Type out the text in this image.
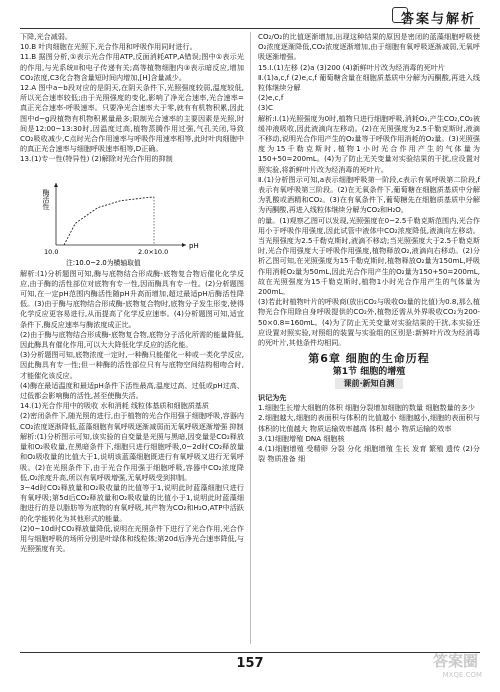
答案与解析

下降,光合减弱。

10.B 叶肉细胞在光照下,光合作用和呼吸作用同时进行。

11.B 据图分析,①表示光合作用ATP,反面消耗ATP,A错误;图中①表示光的作用,与光系统II和电子传递有关;高等植物细胞内③表示暗反应,增加CO₂浓度,C3化合物含量短时间内增加,[H]含量减少。

12.A 图中a~b段对应的是阴天,在阴天条件下,光照强度较弱,温度较低,所以光合速率较低;由于光照强度的变化,影响了净光合速率,光合速率=真正光合速率-呼吸速率。只要净光合速率大于零,就有有机物积累,因此图中d~g段植物有机物积累量最多;限制光合速率的主要因素是光照,时间是12:00~13:30时,因温度过高,植物蒸腾作用过强,气孔关闭,导致CO₂吸收减少,C点时光合作用速率与呼吸作用速率相等,此时叶肉细胞中的真正光合速率与细胞呼吸速率相等,D正确。

13.(1)专一性(特异性) (2)解除对光合作用的抑制

酶活性
pH
10.0	2.0×10.0
注:10.0~2.0为横轴取值

解析:(1)分析题图可知,酶与底物结合形成酶-底物复合物后催化化学反应,由于酶的活性部位对底物有专一性,因而酶具有专一性。(2)分析题图可知,在一定pH范围内酶活性随pH升高而增加,超过最适pH后酶活性降低。(3)由于酶与底物结合形成酶-底物复合物时,底物分子发生形变,使得化学反应更容易进行,从而提高了化学反应速率。(4)分析题图可知,适宜条件下,酶反应速率与酶浓度成正比。

(2)由于酶与底物结合形成酶-底物复合物,底物分子活化所需的能量降低,因此酶具有催化作用,可以大大降低化学反应的活化能。

(3)分析题图可知,底物浓度一定时,一种酶只能催化一种或一类化学反应,因此酶具有专一性;但一种酶的活性部位只有与底物空间结构相吻合时,才能催化该反应。

(4)酶在最适温度和最适pH条件下活性最高,温度过高、过低或pH过高、过低都会影响酶的活性,甚至使酶失活。

14.(1)光合作用中的吸收 水和消耗 线粒体基质和细胞质基质

(2)密闭条件下,随光照的进行,由于植物的光合作用强于细胞呼吸,容器内CO₂浓度逐渐降低,蓝藻细胞有氧呼吸逐渐减弱而无氧呼吸逐渐增强 抑制

解析:(1)分析图示可知,该实验的自变量是光照与黑暗,因变量是CO₂释放量和O₂吸收量,在黑暗条件下,细胞只进行细胞呼吸,0~2d时CO₂释放量和O₂吸收量的比值大于1,说明该蓝藻细胞既进行有氧呼吸又进行无氧呼吸。(2)在光照条件下,由于光合作用强于细胞呼吸,容器中CO₂浓度降低,O₂浓度升高,所以有氧呼吸增强,无氧呼吸受到抑制。

3~4d时CO₂释放量和O₂吸收量的比值等于1,说明此时蓝藻细胞只进行有氧呼吸;第5d后CO₂释放量和O₂吸收量的比值小于1,说明此时蓝藻细胞进行的是以脂肪等为底物的有氧呼吸,其产物为CO₂和H₂O,ATP中活跃的化学能转化为其他形式的能量。

(2)0~10d时CO₂释放量降低,说明在光照条件下进行了光合作用,光合作用与细胞呼吸的场所分别是叶绿体和线粒体;第20d后净光合速率降低,与光照强度有关。

CO₂/O₂的比值逐渐增加,出现这种结果的原因是密闭的蓝藻细胞呼吸使O₂浓度逐渐降低,CO₂浓度逐渐增加,由于细胞有氧呼吸逐渐减弱,无氧呼吸逐渐增强。

15.Ⅰ.(1)左移 (2)a (3)200 (4)新鲜叶片改为经消毒的死叶片

Ⅱ.(1)a,c,f (2)e,c,f 葡萄糖含量在细胞质基质中分解为丙酮酸,再进入线粒体继续分解

(2)e,c,f

(3)C

解析:Ⅰ.(1)光照强度为0时,植物只进行细胞呼吸,消耗O₂,产生CO₂,CO₂被缓冲液吸收,因此液滴向左移动。(2)在光照强度为2.5千勒克斯时,液滴不移动,说明光合作用产生的O₂量等于呼吸作用消耗的O₂量。(3)光照强度为15千勒克斯时,植物1小时光合作用产生的气体量为150+50=200mL。(4)为了防止无关变量对实验结果的干扰,应设置对照实验,将新鲜叶片改为经消毒的死叶片。

Ⅱ.(1)分析图示可知,a表示细胞呼吸第一阶段,c表示有氧呼吸第二阶段,f表示有氧呼吸第三阶段。(2)在无氧条件下,葡萄糖在细胞质基质中分解为乳酸或酒精和CO₂。(3)在有氧条件下,葡萄糖先在细胞质基质中分解为丙酮酸,再进入线粒体继续分解为CO₂和H₂O。

的量。(1)观察乙图可以发现,光照强度在0~2.5千勒克斯范围内,光合作用小于呼吸作用强度,因此试管中液体中CO₂浓度降低,液滴向左移动。当光照强度为2.5千勒克斯时,液滴不移动;当光照强度大于2.5千勒克斯时,光合作用强度大于呼吸作用强度,植物释放O₂,液滴向右移动。(2)分析乙图可知,在光照强度为15千勒克斯时,植物释放O₂量为150mL,呼吸作用消耗O₂量为50mL,因此光合作用产生的O₂量为150+50=200mL,故在光照强度为15千勒克斯时,植物1小时光合作用产生的气体量为200mL。

(3)若此时植物叶片的呼吸商(放出CO₂与吸收O₂量的比值)为0.8,那么植物光合作用除自身呼吸提供的CO₂外,植物还需从外界吸收CO₂为200-50×0.8=160mL。(4)为了防止无关变量对实验结果的干扰,本实验还应设置对照实验,对照组的装置与实验组的区别是:新鲜叶片改为经消毒的死叶片,其他条件均相同。

第6章 细胞的生命历程
第1节 细胞的增殖
课前·新知自测

识记为先

1.细胞生长增大细胞的体积 细胞分裂增加细胞的数量 细胞数量的多少

2.细胞越大,细胞的表面积与体积的比值越小 细胞越小,细胞的表面积与体积的比值越大 物质运输效率越高 体积 越小 物质运输的效率

3.(1)细胞增殖 DNA 细胞核

4.(1)细胞增殖 受精卵 分裂 分化 细胞增殖 生长 发育 繁殖 遗传 (2)分裂 物质准备 细

157	答案圈
MXQE.COM
